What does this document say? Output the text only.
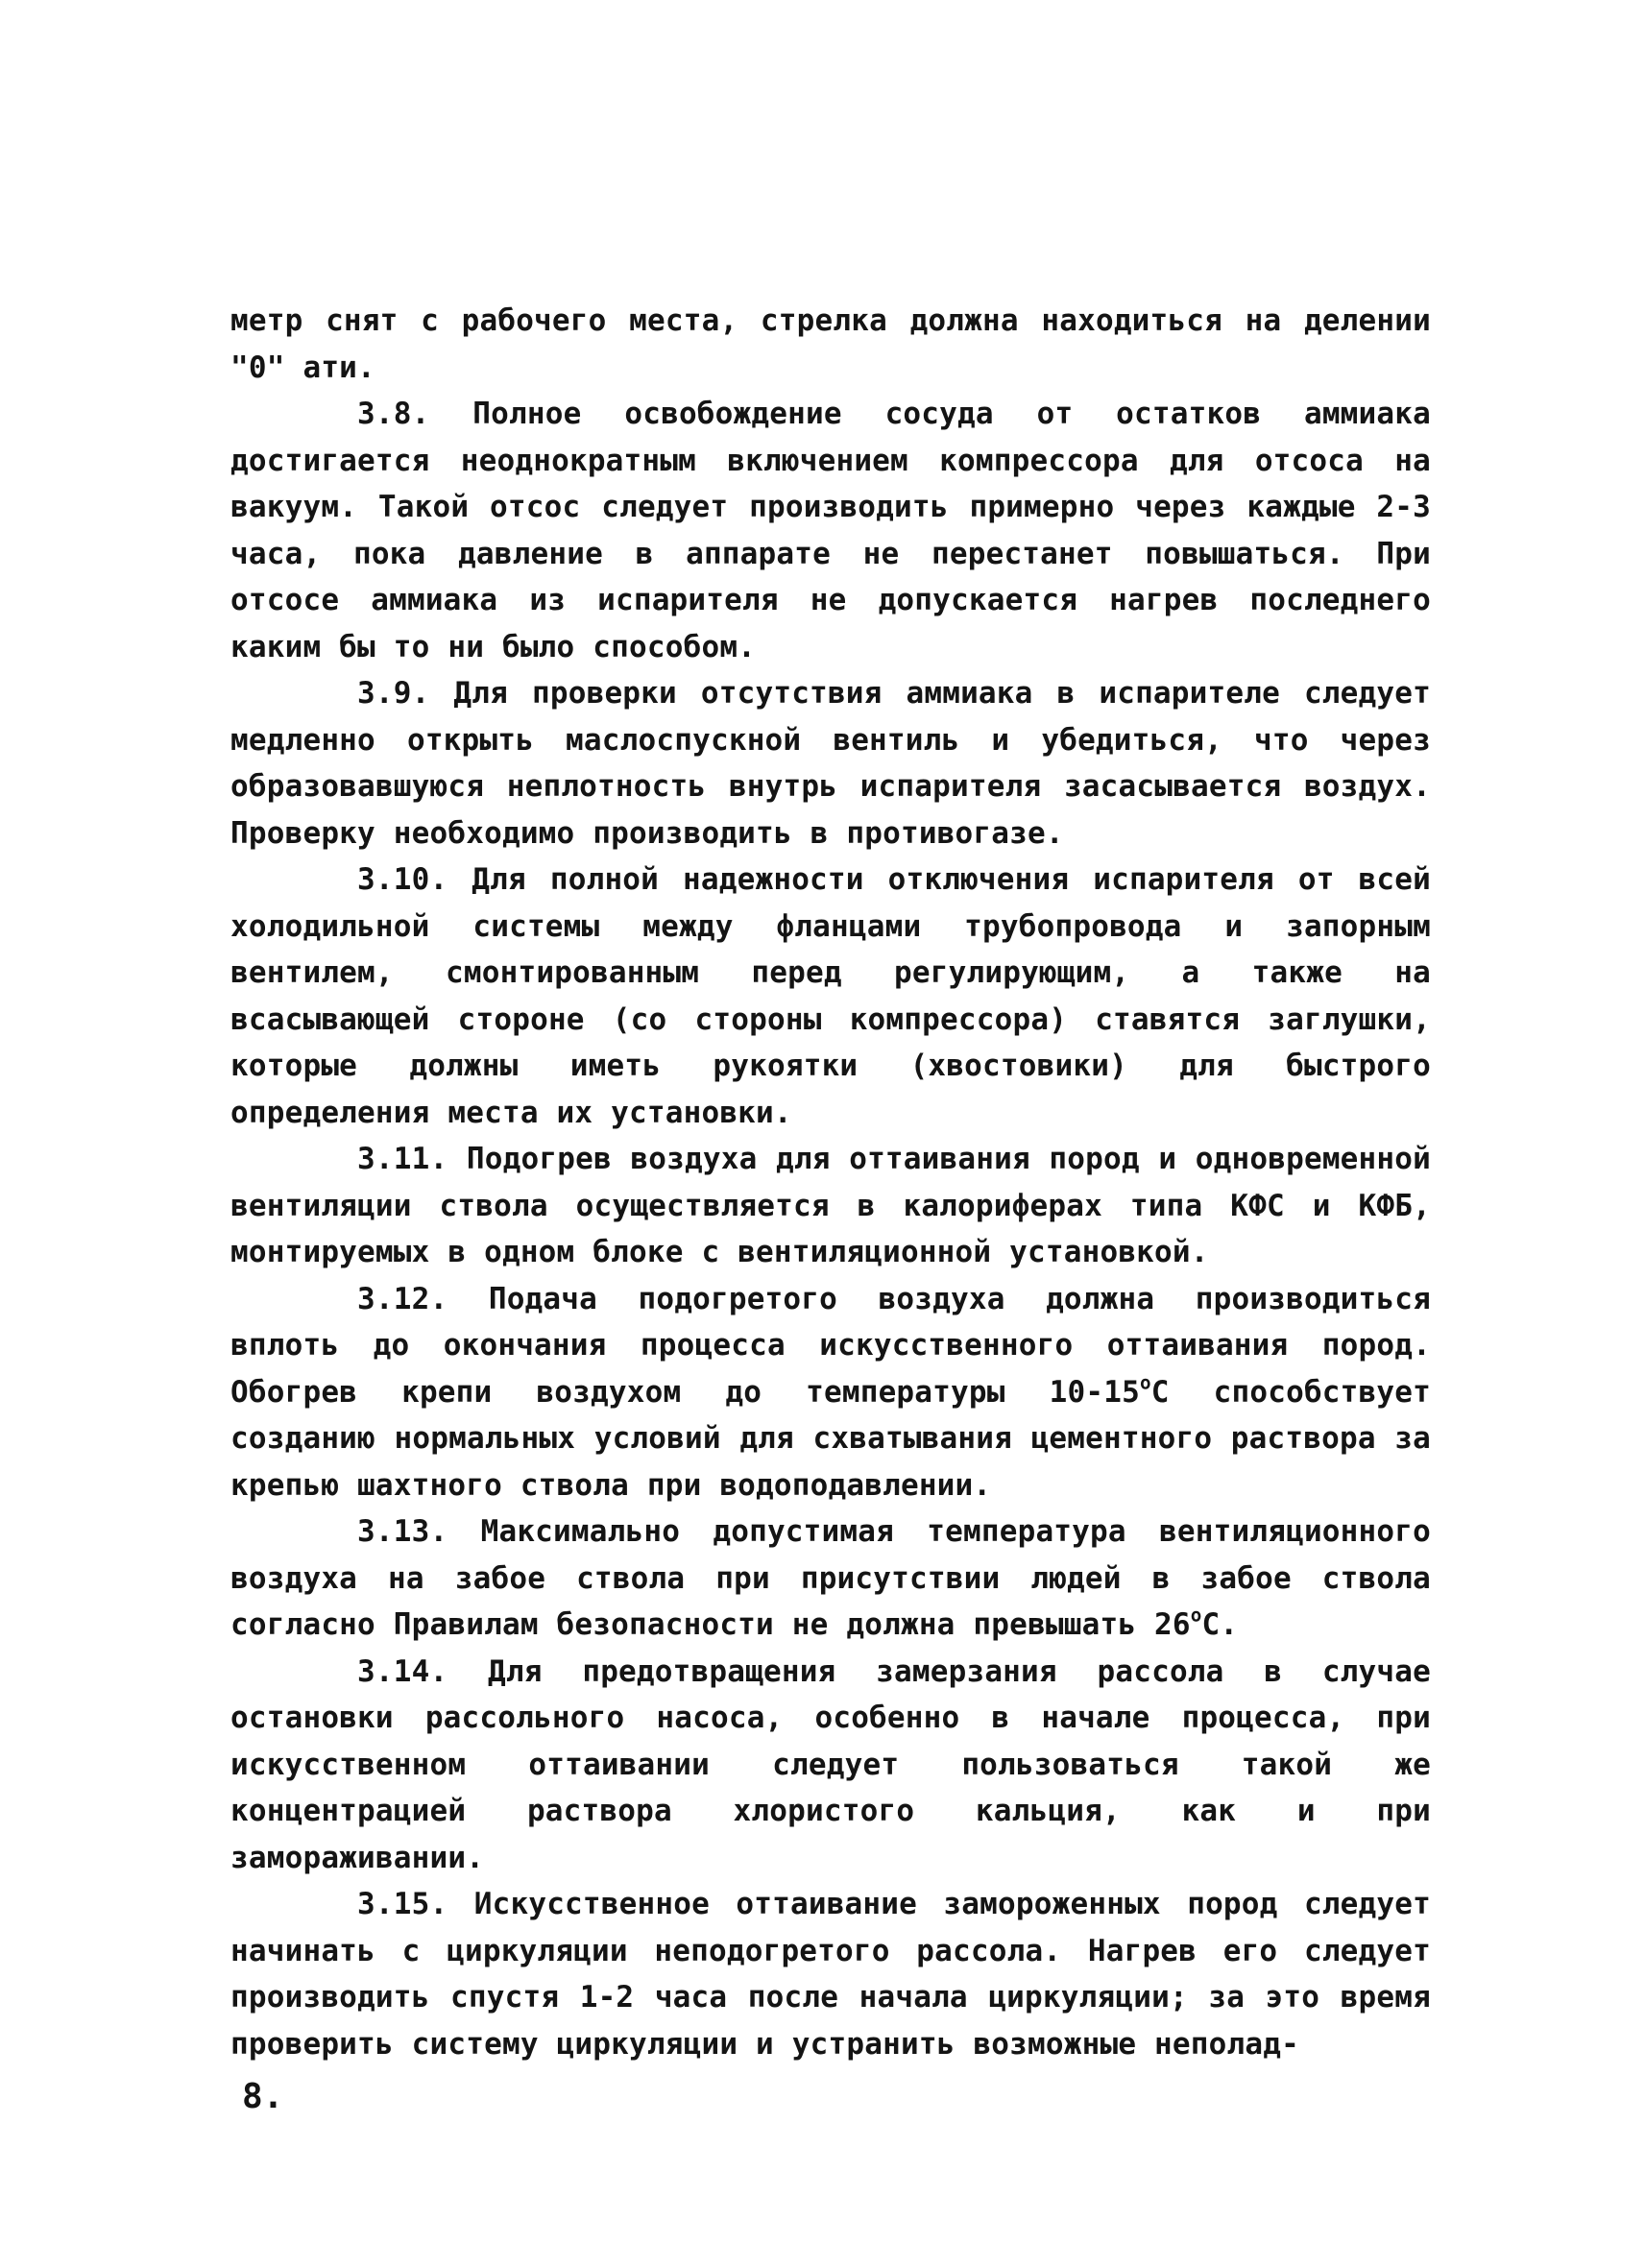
метр снят с рабочего места, стрелка должна находиться на делении "0" ати.

3.8. Полное освобождение сосуда от остатков аммиака достигается неоднократным включением компрессора для отсоса на вакуум. Такой отсос следует производить примерно через каждые 2-3 часа, пока давление в аппарате не перестанет повышаться. При отсосе аммиака из испарителя не допускается нагрев последнего каким бы то ни было способом.

3.9. Для проверки отсутствия аммиака в испарителе следует медленно открыть маслоспускной вентиль и убедиться, что через образовавшуюся неплотность внутрь испарителя засасывается воздух. Проверку необходимо производить в противогазе.

3.10. Для полной надежности отключения испарителя от всей холодильной системы между фланцами трубопровода и запорным вентилем, смонтированным перед регулирующим, а также на всасывающей стороне (со стороны компрессора) ставятся заглушки, которые должны иметь рукоятки (хвостовики) для быстрого определения места их установки.

3.11. Подогрев воздуха для оттаивания пород и одновременной вентиляции ствола осуществляется в калориферах типа КФС и КФБ, монтируемых в одном блоке с вентиляционной установкой.

3.12. Подача подогретого воздуха должна производиться вплоть до окончания процесса искусственного оттаивания пород. Обогрев крепи воздухом до температуры $10-15^оС$ способствует созданию нормальных условий для схватывания цементного раствора за крепью шахтного ствола при водоподавлении.

3.13. Максимально допустимая температура вентиляционного воздуха на забое ствола при присутствии людей в забое ствола согласно Правилам безопасности не должна превышать $26^оС$.

3.14. Для предотвращения замерзания рассола в случае остановки рассольного насоса, особенно в начале процесса, при искусственном оттаивании следует пользоваться такой же концентрацией раствора хлористого кальция, как и при замораживании.

3.15. Искусственное оттаивание замороженных пород следует начинать с циркуляции неподогретого рассола. Нагрев его следует производить спустя 1-2 часа после начала циркуляции; за это время проверить систему циркуляции и устранить возможные неполад-

8.
